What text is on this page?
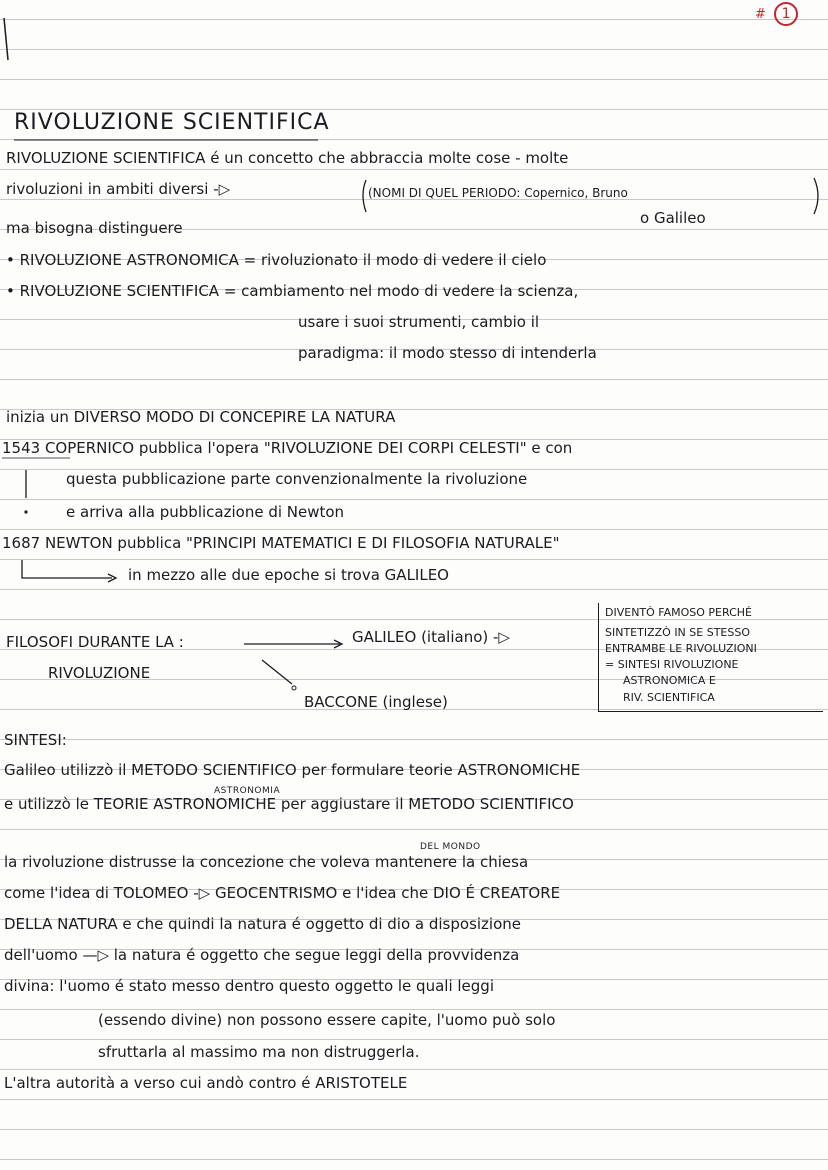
# 1
RIVOLUZIONE SCIENTIFICA
RIVOLUZIONE SCIENTIFICA é un concetto che abbraccia molte cose - molte
rivoluzioni in ambiti diversi -▷	(NOMI DI QUEL PERIODO: Copernico, Bruno
ma bisogna distinguere
o Galileo
• RIVOLUZIONE ASTRONOMICA = rivoluzionato il modo di vedere il cielo
• RIVOLUZIONE SCIENTIFICA = cambiamento nel modo di vedere la scienza,
usare i suoi strumenti, cambio il
paradigma: il modo stesso di intenderla
inizia un DIVERSO MODO DI CONCEPIRE LA NATURA
1543 COPERNICO pubblica l'opera "RIVOLUZIONE DEI CORPI CELESTI" e con
questa pubblicazione parte convenzionalmente la rivoluzione
e arriva alla pubblicazione di Newton
1687 NEWTON pubblica "PRINCIPI MATEMATICI E DI FILOSOFIA NATURALE"
in mezzo alle due epoche si trova GALILEO
FILOSOFI DURANTE LA :	GALILEO (italiano) -▷
RIVOLUZIONE
BACCONE (inglese)
DIVENTÒ FAMOSO PERCHÉ
SINTETIZZÒ IN SE STESSO
ENTRAMBE LE RIVOLUZIONI
= SINTESI RIVOLUZIONE
ASTRONOMICA E
RIV. SCIENTIFICA
SINTESI:
Galileo utilizzò il METODO SCIENTIFICO per formulare teorie ASTRONOMICHE
ASTRONOMIA
e utilizzò le TEORIE ASTRONOMICHE per aggiustare il METODO SCIENTIFICO
DEL MONDO
la rivoluzione distrusse la concezione che voleva mantenere la chiesa
come l'idea di TOLOMEO -▷ GEOCENTRISMO e l'idea che DIO É CREATORE
DELLA NATURA e che quindi la natura é oggetto di dio a disposizione
dell'uomo —▷ la natura é oggetto che segue leggi della provvidenza
divina: l'uomo é stato messo dentro questo oggetto le quali leggi
(essendo divine) non possono essere capite, l'uomo può solo
sfruttarla al massimo ma non distruggerla.
L'altra autorità a verso cui andò contro é ARISTOTELE
